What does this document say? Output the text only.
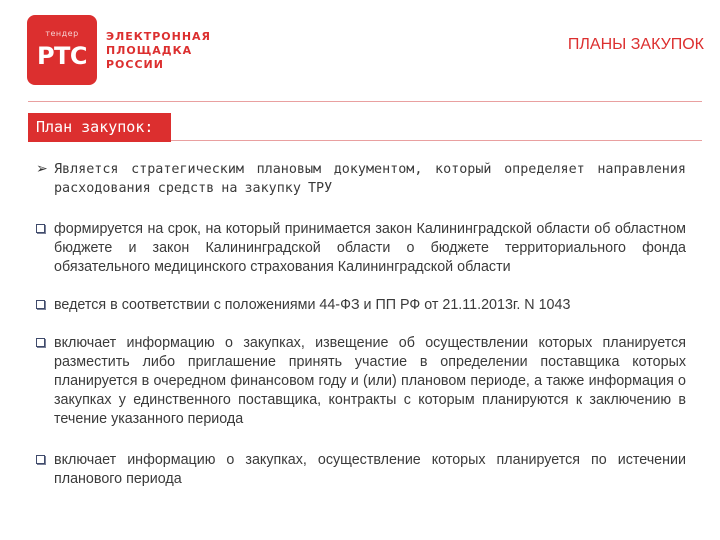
тендер
РТС
ЭЛЕКТРОННАЯ
ПЛОЩАДКА
РОССИИ
ПЛАНЫ ЗАКУПОК
План закупок:
➢ Является стратегическим плановым документом, который определяет направления расходования средств на закупку ТРУ
формируется на срок, на который принимается закон Калининградской области об областном бюджете и закон Калининградской области о бюджете территориального фонда обязательного медицинского страхования Калининградской области
ведется в соответствии с положениями 44-ФЗ и ПП РФ от 21.11.2013г. N 1043
включает информацию о закупках, извещение об осуществлении которых планируется разместить либо приглашение принять участие в определении поставщика которых планируется в очередном финансовом году и (или) плановом периоде, а также информация о закупках у единственного поставщика, контракты с которым планируются к заключению в течение указанного периода
включает информацию о закупках, осуществление которых планируется по истечении планового периода
